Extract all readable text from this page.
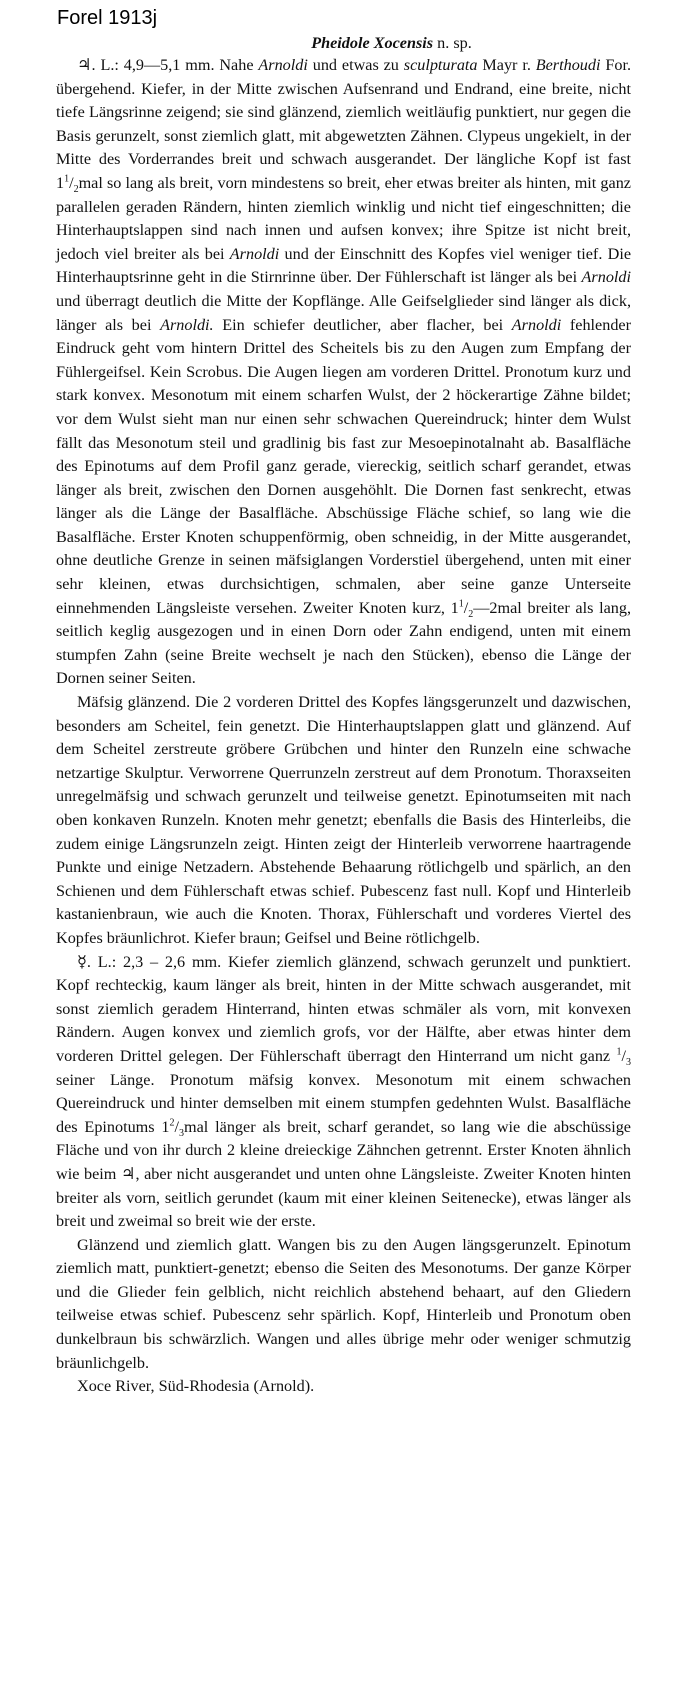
Forel 1913j
Pheidole Xocensis n. sp.

♃. L.: 4,9—5,1 mm. Nahe Arnoldi und etwas zu sculpturata Mayr r. Berthoudi For. übergehend. Kiefer, in der Mitte zwischen Aufsenrand und Endrand, eine breite, nicht tiefe Längsrinne zeigend; sie sind glänzend, ziemlich weitläufig punktiert, nur gegen die Basis gerunzelt, sonst ziemlich glatt, mit abgewetzten Zähnen. Clypeus ungekielt, in der Mitte des Vorderrandes breit und schwach ausgerandet. Der längliche Kopf ist fast $1^1/_2mal$ so lang als breit, vorn mindestens so breit, eher etwas breiter als hinten, mit ganz parallelen geraden Rändern, hinten ziemlich winklig und nicht tief eingeschnitten; die Hinterhauptslappen sind nach innen und aufsen konvex; ihre Spitze ist nicht breit, jedoch viel breiter als bei Arnoldi und der Einschnitt des Kopfes viel weniger tief. Die Hinterhauptsrinne geht in die Stirnrinne über. Der Fühlerschaft ist länger als bei Arnoldi und überragt deutlich die Mitte der Kopflänge. Alle Geifselglieder sind länger als dick, länger als bei Arnoldi. Ein schiefer deutlicher, aber flacher, bei Arnoldi fehlender Eindruck geht vom hintern Drittel des Scheitels bis zu den Augen zum Empfang der Fühlergeifsel. Kein Scrobus. Die Augen liegen am vorderen Drittel. Pronotum kurz und stark konvex. Mesonotum mit einem scharfen Wulst, der 2 höckerartige Zähne bildet; vor dem Wulst sieht man nur einen sehr schwachen Quereindruck; hinter dem Wulst fällt das Mesonotum steil und gradlinig bis fast zur Mesoepinotalnaht ab. Basalfläche des Epinotums auf dem Profil ganz gerade, viereckig, seitlich scharf gerandet, etwas länger als breit, zwischen den Dornen ausgehöhlt. Die Dornen fast senkrecht, etwas länger als die Länge der Basalfläche. Abschüssige Fläche schief, so lang wie die Basalfläche. Erster Knoten schuppenförmig, oben schneidig, in der Mitte ausgerandet, ohne deutliche Grenze in seinen mäfsiglangen Vorderstiel übergehend, unten mit einer sehr kleinen, etwas durchsichtigen, schmalen, aber seine ganze Unterseite einnehmenden Längsleiste versehen. Zweiter Knoten kurz, $1^1/_2—2mal$ breiter als lang, seitlich keglig ausgezogen und in einen Dorn oder Zahn endigend, unten mit einem stumpfen Zahn (seine Breite wechselt je nach den Stücken), ebenso die Länge der Dornen seiner Seiten.

Mäfsig glänzend. Die 2 vorderen Drittel des Kopfes längsgerunzelt und dazwischen, besonders am Scheitel, fein genetzt. Die Hinterhauptslappen glatt und glänzend. Auf dem Scheitel zerstreute gröbere Grübchen und hinter den Runzeln eine schwache netzartige Skulptur. Verworrene Querrunzeln zerstreut auf dem Pronotum. Thoraxseiten unregelmäfsig und schwach gerunzelt und teilweise genetzt. Epinotumseiten mit nach oben konkaven Runzeln. Knoten mehr genetzt; ebenfalls die Basis des Hinterleibs, die zudem einige Längsrunzeln zeigt. Hinten zeigt der Hinterleib verworrene haartragende Punkte und einige Netzadern. Abstehende Behaarung rötlichgelb und spärlich, an den Schienen und dem Fühlerschaft etwas schief. Pubescenz fast null. Kopf und Hinterleib kastanienbraun, wie auch die Knoten. Thorax, Fühlerschaft und vorderes Viertel des Kopfes bräunlichrot. Kiefer braun; Geifsel und Beine rötlichgelb.

☿. L.: 2,3 – 2,6 mm. Kiefer ziemlich glänzend, schwach gerunzelt und punktiert. Kopf rechteckig, kaum länger als breit, hinten in der Mitte schwach ausgerandet, mit sonst ziemlich geradem Hinterrand, hinten etwas schmäler als vorn, mit konvexen Rändern. Augen konvex und ziemlich grofs, vor der Hälfte, aber etwas hinter dem vorderen Drittel gelegen. Der Fühlerschaft überragt den Hinterrand um nicht ganz $^1/_3$ seiner Länge. Pronotum mäfsig konvex. Mesonotum mit einem schwachen Quereindruck und hinter demselben mit einem stumpfen gedehnten Wulst. Basalfläche des Epinotums $1^2/_3mal$ länger als breit, scharf gerandet, so lang wie die abschüssige Fläche und von ihr durch 2 kleine dreieckige Zähnchen getrennt. Erster Knoten ähnlich wie beim ♃, aber nicht ausgerandet und unten ohne Längsleiste. Zweiter Knoten hinten breiter als vorn, seitlich gerundet (kaum mit einer kleinen Seitenecke), etwas länger als breit und zweimal so breit wie der erste.

Glänzend und ziemlich glatt. Wangen bis zu den Augen längsgerunzelt. Epinotum ziemlich matt, punktiert-genetzt; ebenso die Seiten des Mesonotums. Der ganze Körper und die Glieder fein gelblich, nicht reichlich abstehend behaart, auf den Gliedern teilweise etwas schief. Pubescenz sehr spärlich. Kopf, Hinterleib und Pronotum oben dunkelbraun bis schwärzlich. Wangen und alles übrige mehr oder weniger schmutzig bräunlichgelb.

Xoce River, Süd-Rhodesia (Arnold).
